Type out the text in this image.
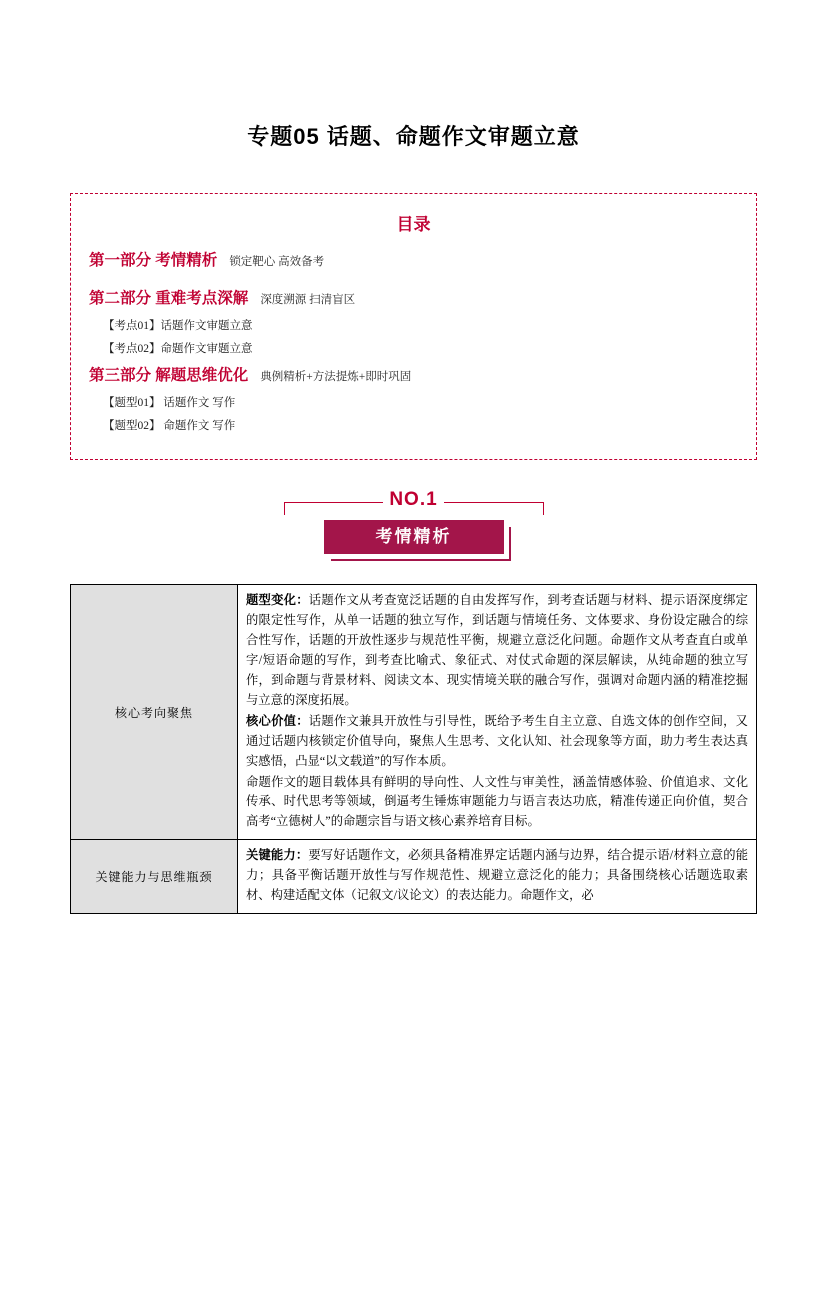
专题05 话题、命题作文审题立意
目录
第一部分 考情精析 锁定靶心 高效备考
第二部分 重难考点深解 深度溯源 扫清盲区
【考点01】话题作文审题立意
【考点02】命题作文审题立意
第三部分 解题思维优化 典例精析+方法提炼+即时巩固
【题型01】 话题作文 写作
【题型02】 命题作文 写作
NO.1
考情精析
核心考向聚焦	题型变化：话题作文从考查宽泛话题的自由发挥写作，到考查话题与材料、提示语深度绑定的限定性写作，从单一话题的独立写作，到话题与情境任务、文体要求、身份设定融合的综合性写作，话题的开放性逐步与规范性平衡，规避立意泛化问题。命题作文从考查直白或单字/短语命题的写作，到考查比喻式、象征式、对仗式命题的深层解读，从纯命题的独立写作，到命题与背景材料、阅读文本、现实情境关联的融合写作，强调对命题内涵的精准挖掘与立意的深度拓展。

核心价值：话题作文兼具开放性与引导性，既给予考生自主立意、自选文体的创作空间，又通过话题内核锁定价值导向，聚焦人生思考、文化认知、社会现象等方面，助力考生表达真实感悟，凸显“以文载道”的写作本质。

命题作文的题目载体具有鲜明的导向性、人文性与审美性，涵盖情感体验、价值追求、文化传承、时代思考等领域，倒逼考生锤炼审题能力与语言表达功底，精准传递正向价值，契合高考“立德树人”的命题宗旨与语文核心素养培育目标。

关键能力与思维瓶颈	关键能力：要写好话题作文，必须具备精准界定话题内涵与边界，结合提示语/材料立意的能力；具备平衡话题开放性与写作规范性、规避立意泛化的能力；具备围绕核心话题选取素材、构建适配文体（记叙文/议论文）的表达能力。命题作文，必
